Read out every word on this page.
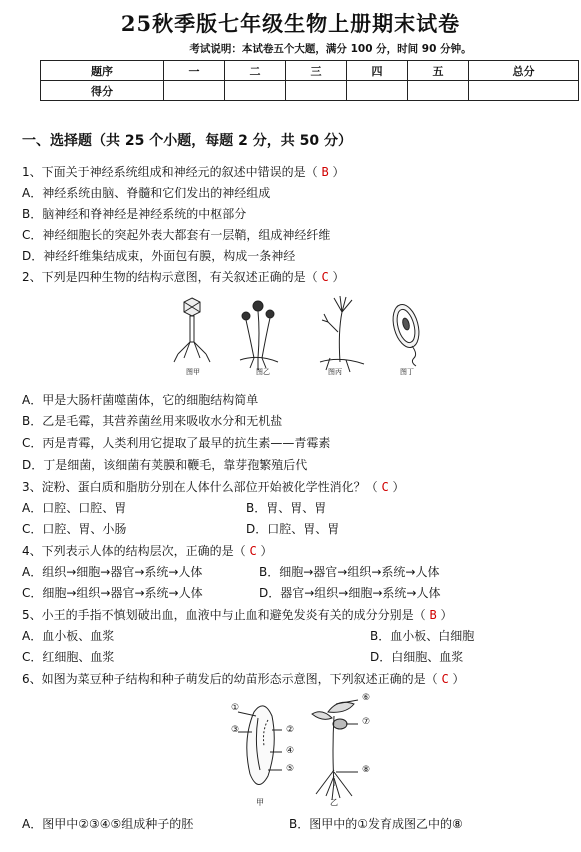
25秋季版七年级生物上册期末试卷
考试说明：本试卷五个大题，满分 100 分，时间 90 分钟。
题序	一	二	三	四	五	总分
得分						
一、选择题（共 25 个小题，每题 2 分，共 50 分）
1、下面关于神经系统组成和神经元的叙述中错误的是（ B ）
A．神经系统由脑、脊髓和它们发出的神经组成
B．脑神经和脊神经是神经系统的中枢部分
C．神经细胞长的突起外表大都套有一层鞘，组成神经纤维
D．神经纤维集结成束，外面包有膜，构成一条神经
2、下列是四种生物的结构示意图，有关叙述正确的是（ C ）
图甲	图乙	图丙	图丁
A．甲是大肠杆菌噬菌体，它的细胞结构简单
B．乙是毛霉，其营养菌丝用来吸收水分和无机盐
C．丙是青霉，人类利用它提取了最早的抗生素——青霉素
D．丁是细菌，该细菌有荚膜和鞭毛，靠芽孢繁殖后代
3、淀粉、蛋白质和脂肪分别在人体什么部位开始被化学性消化？（ C ）
A．口腔、口腔、胃	B．胃、胃、胃
C．口腔、胃、小肠	D．口腔、胃、胃
4、下列表示人体的结构层次，正确的是（ C ）
A．组织→细胞→器官→系统→人体	B．细胞→器官→组织→系统→人体
C．细胞→组织→器官→系统→人体	D．器官→组织→细胞→系统→人体
5、小王的手指不慎划破出血，血液中与止血和避免发炎有关的成分分别是（ B ）
A．血小板、血浆	B．血小板、白细胞
C．红细胞、血浆	D．白细胞、血浆
6、如图为菜豆种子结构和种子萌发后的幼苗形态示意图，下列叙述正确的是（ C ）
①
②
③
④
⑤
⑥
⑦
⑧
甲	乙
A．图甲中②③④⑤组成种子的胚	B．图甲中的①发育成图乙中的⑧
